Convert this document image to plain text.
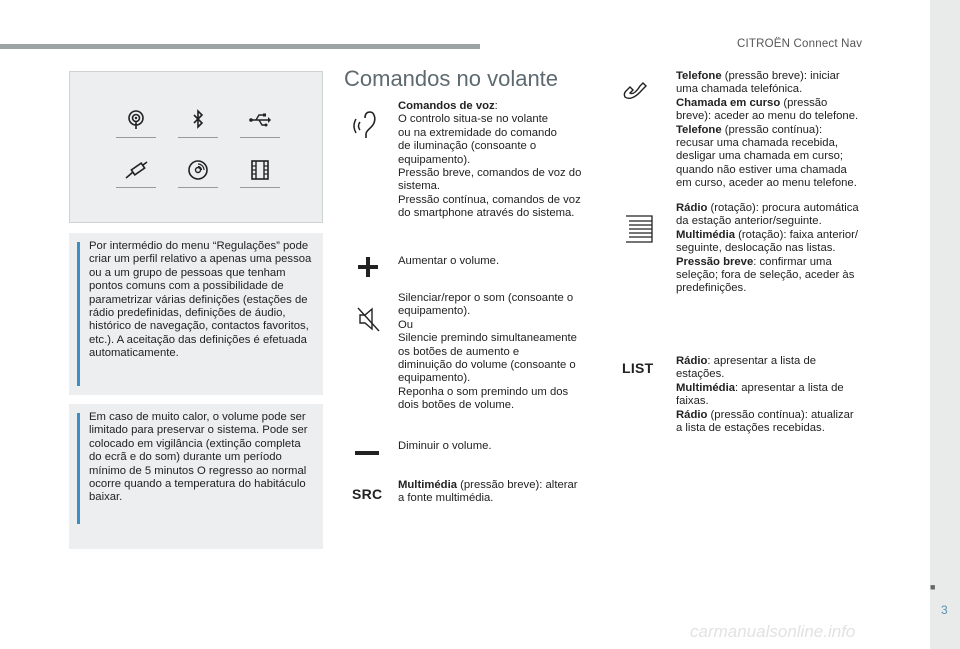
CITROËN Connect Nav
■
3
carmanualsonline.info

Por intermédio do menu “Regulações” pode criar um perfil relativo a apenas uma pessoa ou a um grupo de pessoas que tenham pontos comuns com a possibilidade de parametrizar várias definições (estações de rádio predefinidas, definições de áudio, histórico de navegação, contactos favoritos, etc.). A aceitação das definições é efetuada automaticamente.

Em caso de muito calor, o volume pode ser limitado para preservar o sistema. Pode ser colocado em vigilância (extinção completa do ecrã e do som) durante um período mínimo de 5 minutos O regresso ao normal ocorre quando a temperatura do habitáculo baixar.

Comandos no volante
Comandos de voz:
O controlo situa-se no volante
ou na extremidade do comando
de iluminação (consoante o
equipamento).
Pressão breve, comandos de voz do
sistema.
Pressão contínua, comandos de voz
do smartphone através do sistema.
Aumentar o volume.
Silenciar/repor o som (consoante o
equipamento).
Ou
Silencie premindo simultaneamente
os botões de aumento e
diminuição do volume (consoante o
equipamento).
Reponha o som premindo um dos
dois botões de volume.
Diminuir o volume.
SRC
Multimédia (pressão breve): alterar
a fonte multimédia.
Telefone (pressão breve): iniciar
uma chamada telefónica.
Chamada em curso (pressão
breve): aceder ao menu do telefone.
Telefone (pressão contínua):
recusar uma chamada recebida,
desligar uma chamada em curso;
quando não estiver uma chamada
em curso, aceder ao menu telefone.
Rádio (rotação): procura automática
da estação anterior/seguinte.
Multimédia (rotação): faixa anterior/
seguinte, deslocação nas listas.
Pressão breve: confirmar uma
seleção; fora de seleção, aceder às
predefinições.
LIST Rádio: apresentar a lista de
estações.
Multimédia: apresentar a lista de
faixas.
Rádio (pressão contínua): atualizar
a lista de estações recebidas.
